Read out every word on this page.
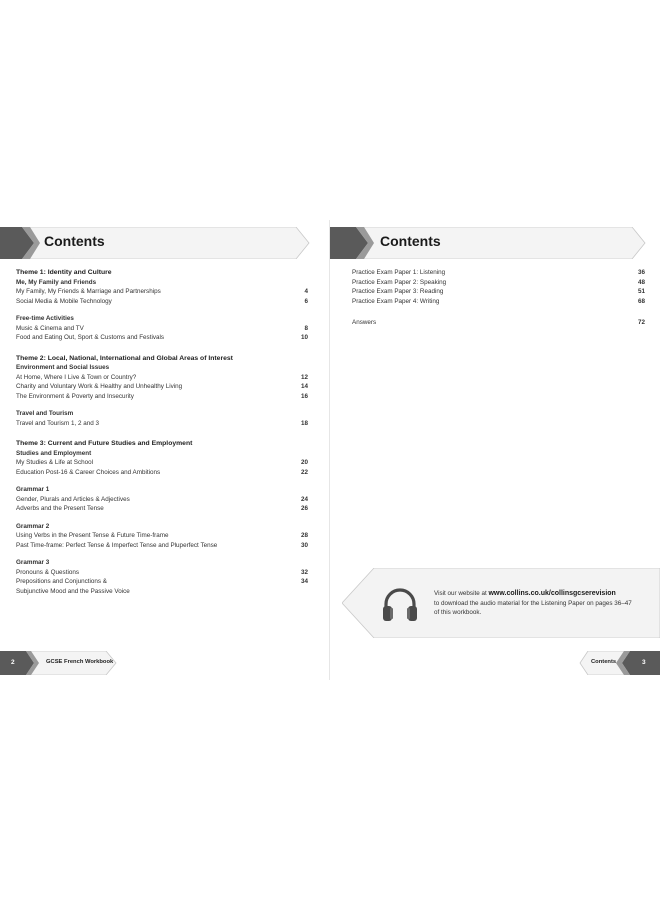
Contents	Contents
Theme 1: Identity and Culture
Me, My Family and Friends
My Family, My Friends & Marriage and Partnerships	4
Social Media & Mobile Technology	6
Free-time Activities
Music & Cinema and TV	8
Food and Eating Out, Sport & Customs and Festivals	10
Theme 2: Local, National, International and Global Areas of Interest
Environment and Social Issues
At Home, Where I Live & Town or Country?	12
Charity and Voluntary Work & Healthy and Unhealthy Living	14
The Environment & Poverty and Insecurity	16
Travel and Tourism
Travel and Tourism 1, 2 and 3	18
Theme 3: Current and Future Studies and Employment
Studies and Employment
My Studies & Life at School	20
Education Post-16 & Career Choices and Ambitions	22
Grammar 1
Gender, Plurals and Articles & Adjectives	24
Adverbs and the Present Tense	26
Grammar 2
Using Verbs in the Present Tense & Future Time-frame	28
Past Time-frame: Perfect Tense & Imperfect Tense and Pluperfect Tense	30
Grammar 3
Pronouns & Questions	32
Prepositions and Conjunctions &	34
Subjunctive Mood and the Passive Voice
Practice Exam Paper 1: Listening	36
Practice Exam Paper 2: Speaking	48
Practice Exam Paper 3: Reading	51
Practice Exam Paper 4: Writing	68
Answers	72
Visit our website at www.collins.co.uk/collinsgcserevision
to download the audio material for the Listening Paper on pages 36–47
of this workbook.
2	GCSE French Workbook	Contents	3
